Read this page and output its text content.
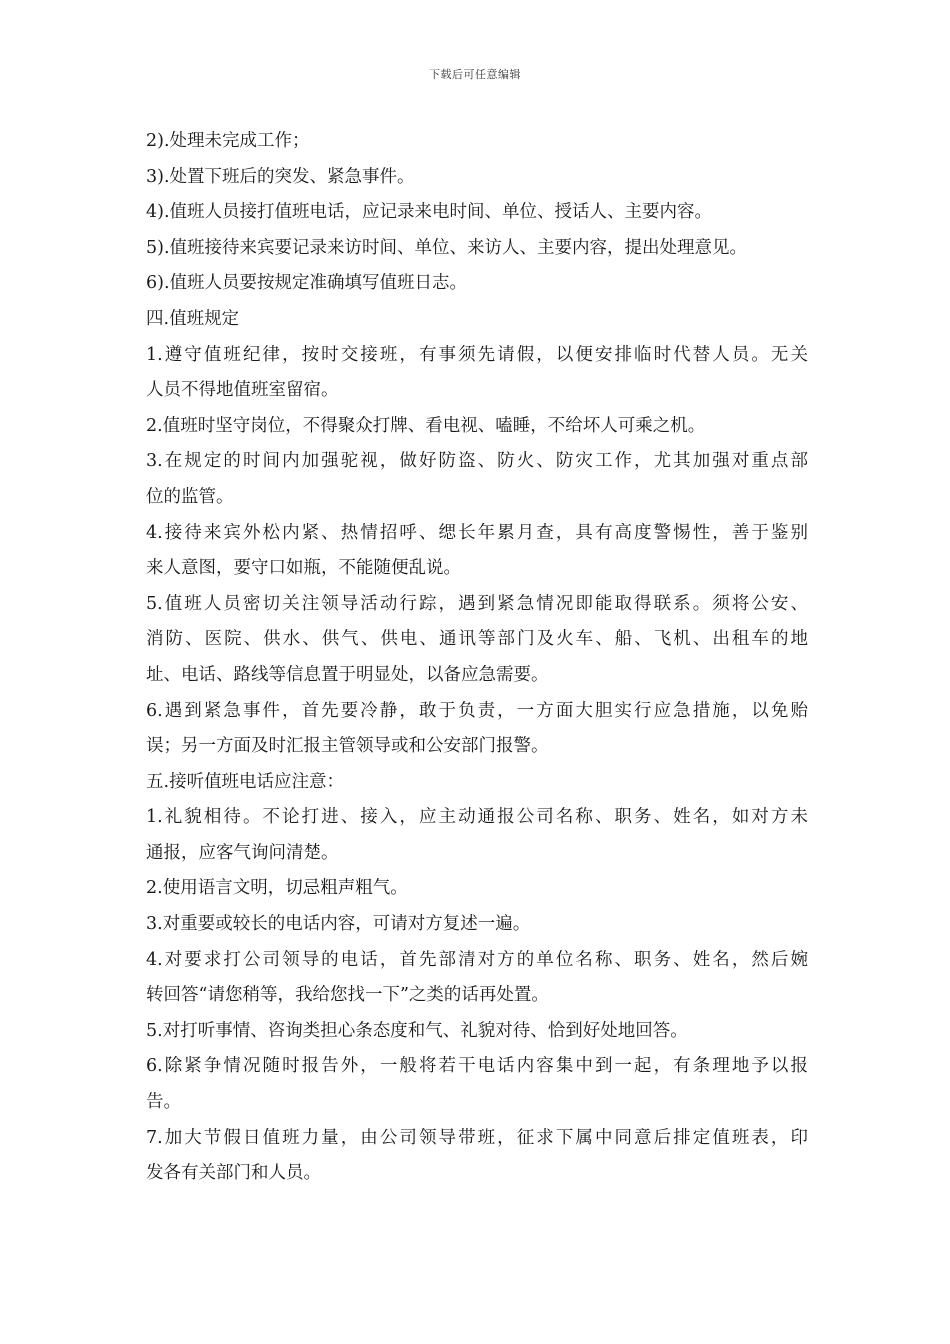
下载后可任意编辑
2).处理未完成工作；
3).处置下班后的突发、紧急事件。
4).值班人员接打值班电话，应记录来电时间、单位、授话人、主要内容。
5).值班接待来宾要记录来访时间、单位、来访人、主要内容，提出处理意见。
6).值班人员要按规定准确填写值班日志。
四.值班规定
1.遵守值班纪律，按时交接班，有事须先请假，以便安排临时代替人员。无关
人员不得地值班室留宿。
2.值班时坚守岗位，不得聚众打牌、看电视、嗑睡，不给坏人可乘之机。
3.在规定的时间内加强驼视，做好防盗、防火、防灾工作，尤其加强对重点部
位的监管。
4.接待来宾外松内紧、热情招呼、缌长年累月查，具有高度警惕性，善于鉴别
来人意图，要守口如瓶，不能随便乱说。
5.值班人员密切关注领导活动行踪，遇到紧急情况即能取得联系。须将公安、
消防、医院、供水、供气、供电、通讯等部门及火车、船、飞机、出租车的地
址、电话、路线等信息置于明显处，以备应急需要。
6.遇到紧急事件，首先要冷静，敢于负责，一方面大胆实行应急措施，以免贻
误；另一方面及时汇报主管领导或和公安部门报警。
五.接听值班电话应注意：
1.礼貌相待。不论打进、接入，应主动通报公司名称、职务、姓名，如对方未
通报，应客气询问清楚。
2.使用语言文明，切忌粗声粗气。
3.对重要或较长的电话内容，可请对方复述一遍。
4.对要求打公司领导的电话，首先部清对方的单位名称、职务、姓名，然后婉
转回答“请您稍等，我给您找一下”之类的话再处置。
5.对打听事情、咨询类担心条态度和气、礼貌对待、恰到好处地回答。
6.除紧争情况随时报告外，一般将若干电话内容集中到一起，有条理地予以报
告。
7.加大节假日值班力量，由公司领导带班，征求下属中同意后排定值班表，印
发各有关部门和人员。
